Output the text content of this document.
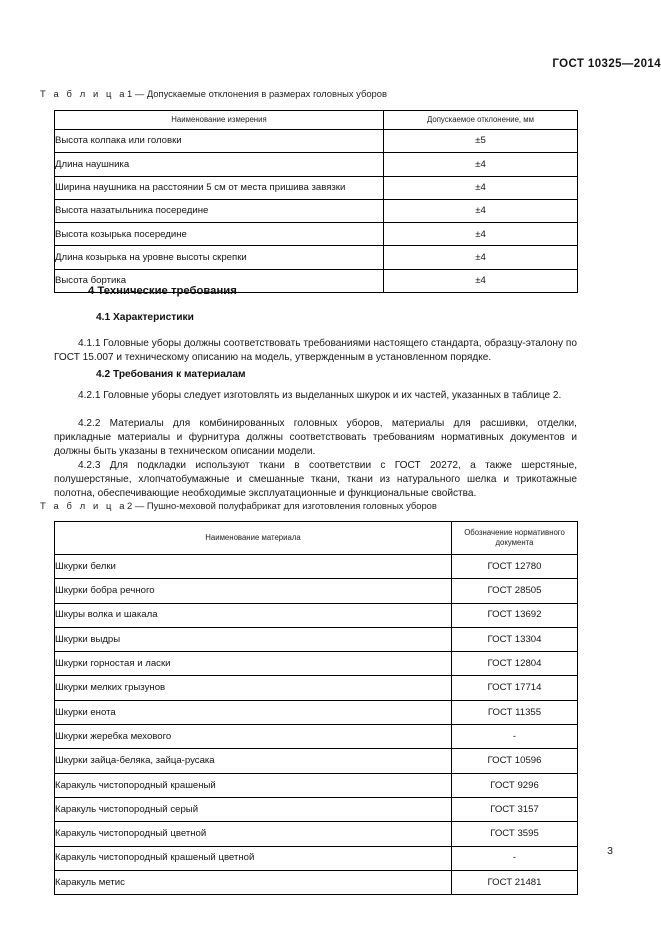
ГОСТ 10325—2014
Т а б л и ц а1 — Допускаемые отклонения в размерах головных уборов
Наименование измерения	Допускаемое отклонение, мм
Высота колпака или головки	±5
Длина наушника	±4
Ширина наушника на расстоянии 5 см от места пришива завязки	±4
Высота назатыльника посередине	±4
Высота козырька посередине	±4
Длина козырька на уровне высоты скрепки	±4
Высота бортика	±4
4 Технические требования
4.1 Характеристики

4.1.1 Головные уборы должны соответствовать требованиями настоящего стандарта, образцу-эталону по ГОСТ 15.007 и техническому описанию на модель, утвержденным в установленном порядке.

4.2 Требования к материалам

4.2.1 Головные уборы следует изготовлять из выделанных шкурок и их частей, указанных в таблице 2.

4.2.2 Материалы для комбинированных головных уборов, материалы для расшивки, отделки, прикладные материалы и фурнитура должны соответствовать требованиям нормативных документов и должны быть указаны в техническом описании модели.

4.2.3 Для подкладки используют ткани в соответствии с ГОСТ 20272, а также шерстяные, полушерстяные, хлопчатобумажные и смешанные ткани, ткани из натурального шелка и трикотажные полотна, обеспечивающие необходимые эксплуатационные и функциональные свойства.

Т а б л и ц а2 — Пушно-меховой полуфабрикат для изготовления головных уборов
Наименование материала	Обозначение нормативного
документа
Шкурки белки	ГОСТ 12780
Шкурки бобра речного	ГОСТ 28505
Шкуры волка и шакала	ГОСТ 13692
Шкурки выдры	ГОСТ 13304
Шкурки горностая и ласки	ГОСТ 12804
Шкурки мелких грызунов	ГОСТ 17714
Шкурки енота	ГОСТ 11355
Шкурки жеребка мехового	-
Шкурки зайца-беляка, зайца-русака	ГОСТ 10596
Каракуль чистопородный крашеный	ГОСТ 9296
Каракуль чистопородный серый	ГОСТ 3157
Каракуль чистопородный цветной	ГОСТ 3595
Каракуль чистопородный крашеный цветной	-
Каракуль метис	ГОСТ 21481
3
